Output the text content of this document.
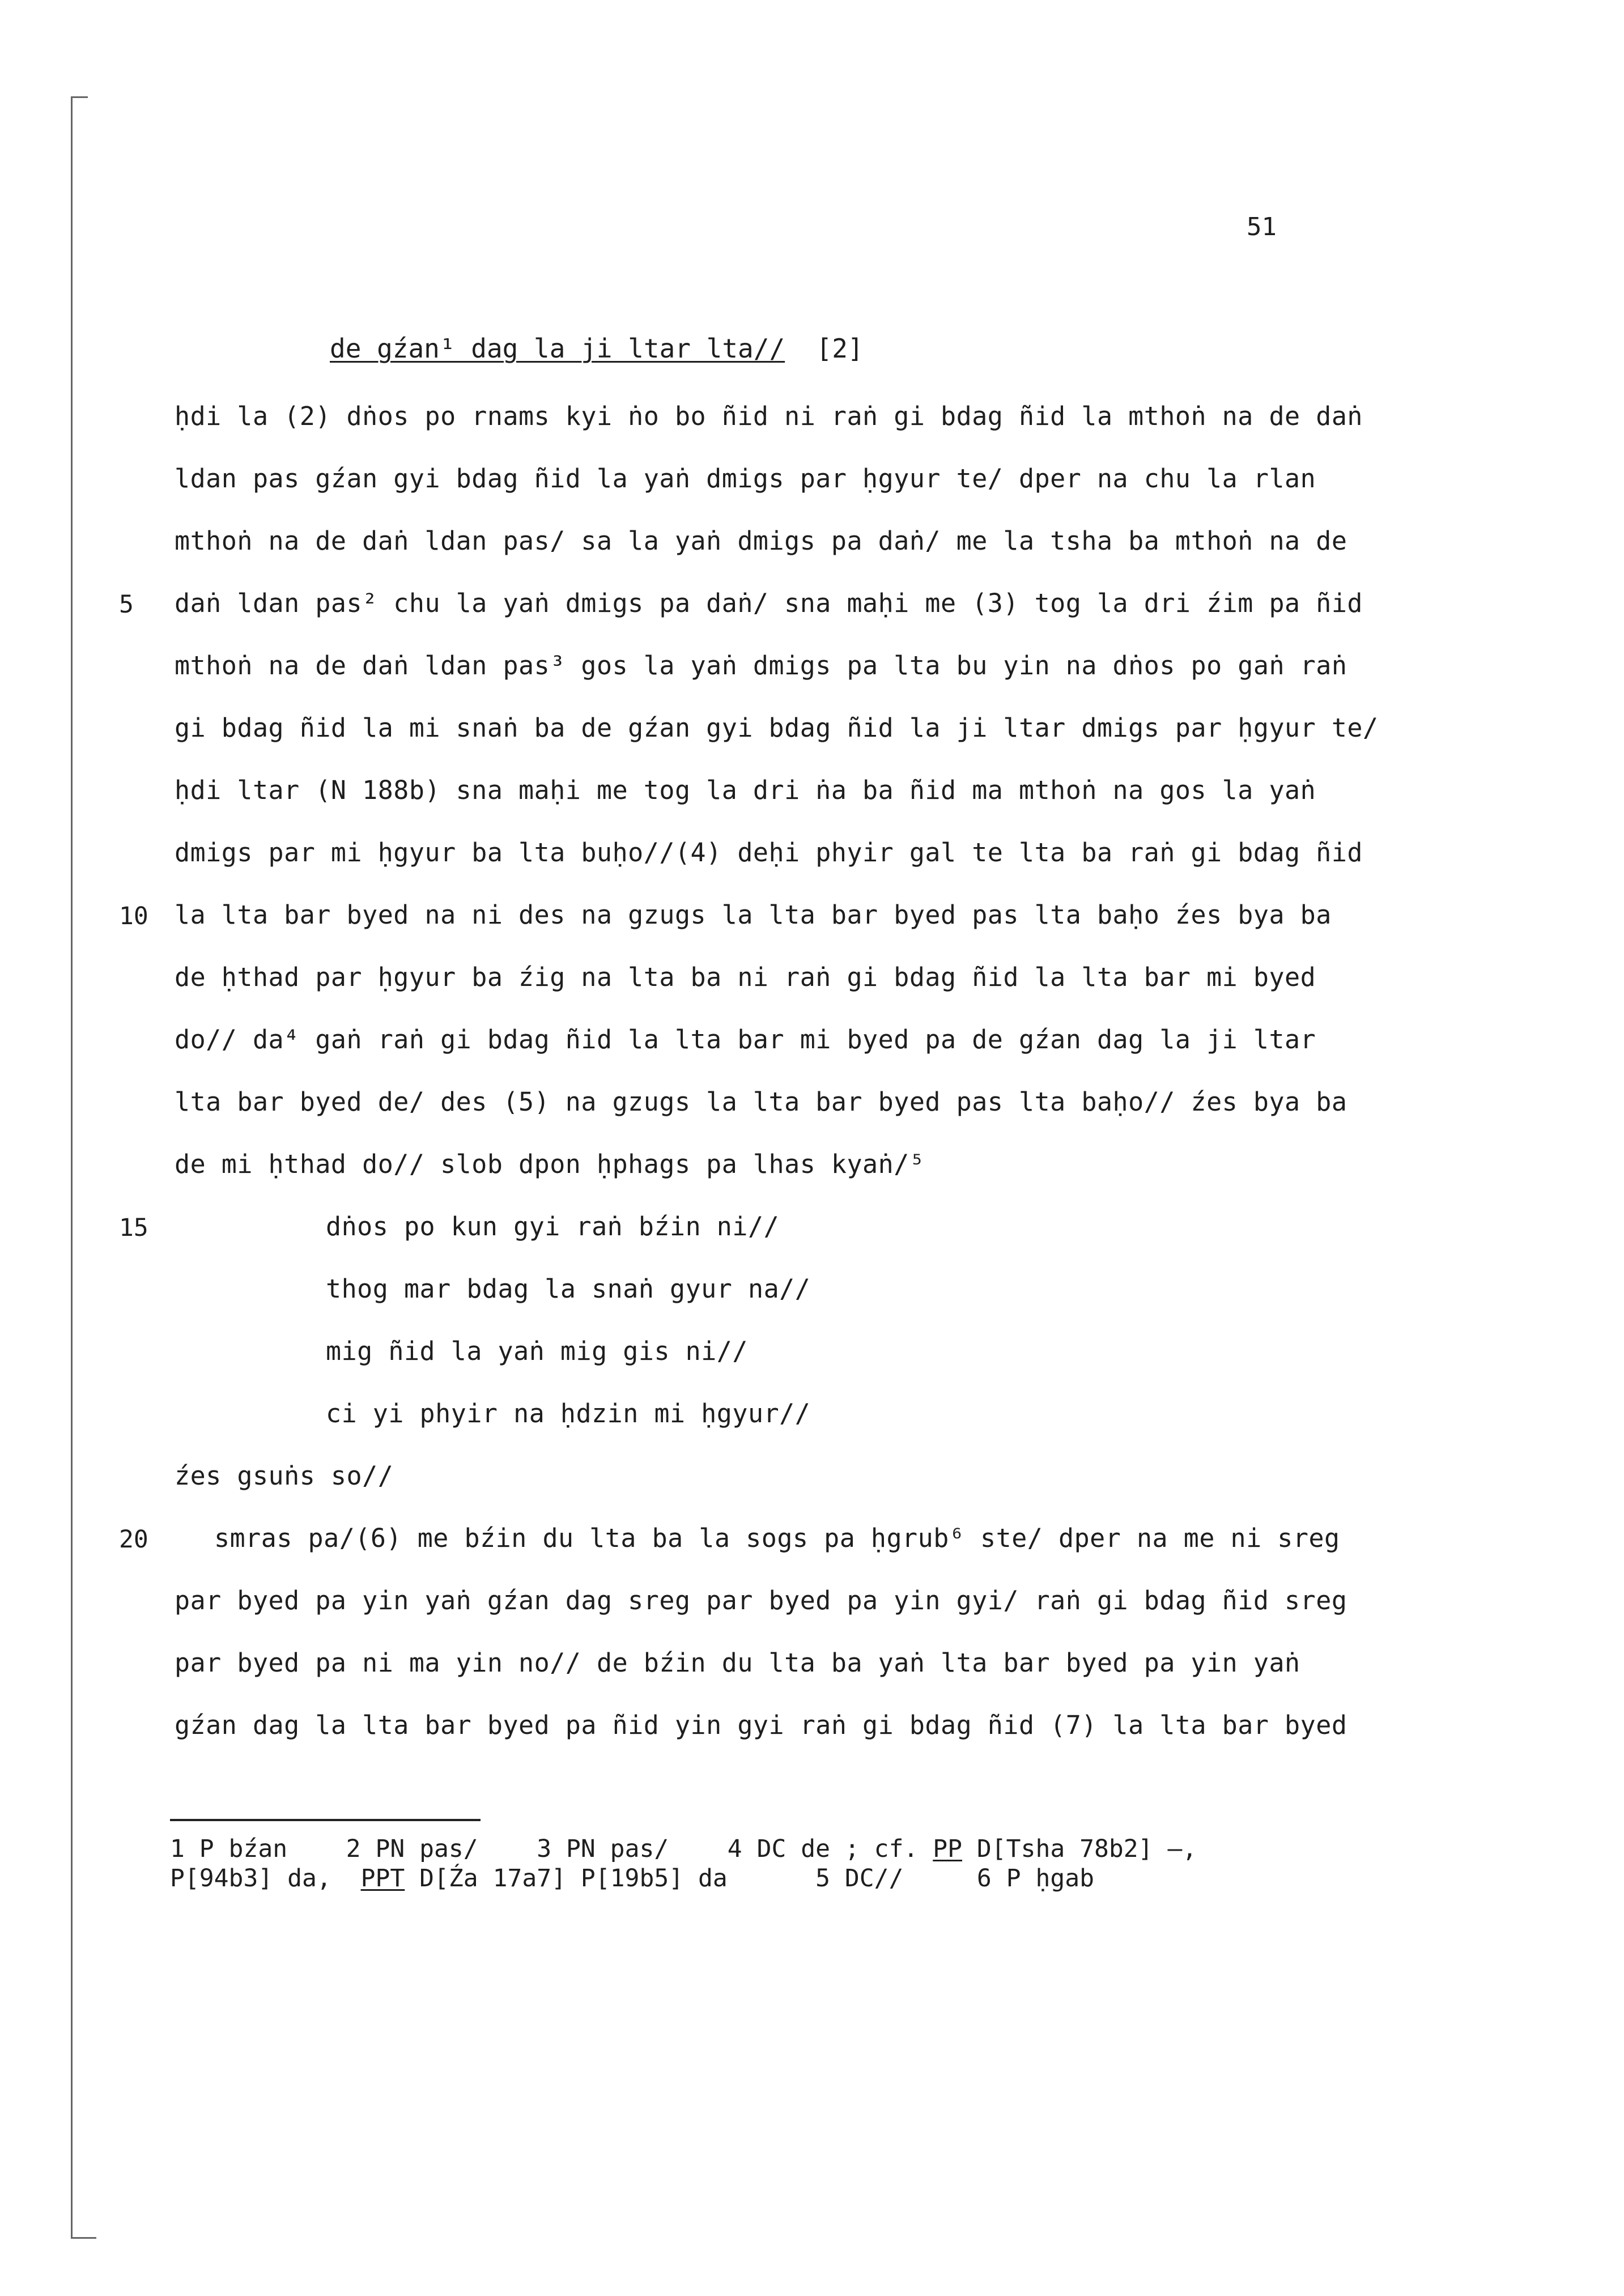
51
de gźan¹ dag la ji ltar lta// [2]
ḥdi la (2) dṅos po rnams kyi ṅo bo ñid ni raṅ gi bdag ñid la mthoṅ na de daṅ
ldan pas gźan gyi bdag ñid la yaṅ dmigs par ḥgyur te/ dper na chu la rlan
mthoṅ na de daṅ ldan pas/ sa la yaṅ dmigs pa daṅ/ me la tsha ba mthoṅ na de
5 daṅ ldan pas² chu la yaṅ dmigs pa daṅ/ sna maḥi me (3) tog la dri źim pa ñid
mthoṅ na de daṅ ldan pas³ gos la yaṅ dmigs pa lta bu yin na dṅos po gaṅ raṅ
gi bdag ñid la mi snaṅ ba de gźan gyi bdag ñid la ji ltar dmigs par ḥgyur te/
ḥdi ltar (N 188b) sna maḥi me tog la dri ṅa ba ñid ma mthoṅ na gos la yaṅ
dmigs par mi ḥgyur ba lta buḥo//(4) deḥi phyir gal te lta ba raṅ gi bdag ñid
10 la lta bar byed na ni des na gzugs la lta bar byed pas lta baḥo źes bya ba
de ḥthad par ḥgyur ba źig na lta ba ni raṅ gi bdag ñid la lta bar mi byed
do// da⁴ gaṅ raṅ gi bdag ñid la lta bar mi byed pa de gźan dag la ji ltar
lta bar byed de/ des (5) na gzugs la lta bar byed pas lta baḥo// źes bya ba
de mi ḥthad do// slob dpon ḥphags pa lhas kyaṅ/⁵
15	dṅos po kun gyi raṅ bźin ni//
thog mar bdag la snaṅ gyur na//
mig ñid la yaṅ mig gis ni//
ci yi phyir na ḥdzin mi ḥgyur//
źes gsuṅs so//
20	smras pa/(6) me bźin du lta ba la sogs pa ḥgrub⁶ ste/ dper na me ni sreg
par byed pa yin yaṅ gźan dag sreg par byed pa yin gyi/ raṅ gi bdag ñid sreg
par byed pa ni ma yin no// de bźin du lta ba yaṅ lta bar byed pa yin yaṅ
gźan dag la lta bar byed pa ñid yin gyi raṅ gi bdag ñid (7) la lta bar byed
1 P bźan 2 PN pas/ 3 PN pas/ 4 DC de ; cf. PP D[Tsha 78b2] —,
P[94b3] da, PPT D[Źa 17a7] P[19b5] da	5 DC//	6 P ḥgab
